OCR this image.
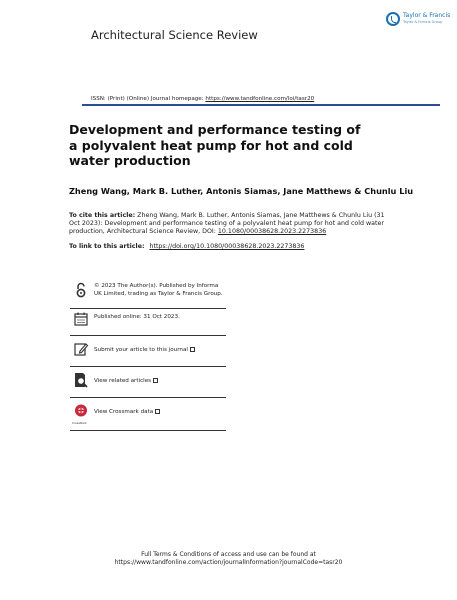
Architectural Science Review
Taylor & Francis
Taylor & Francis Group
ISSN: (Print) (Online) Journal homepage: https://www.tandfonline.com/loi/tasr20
Development and performance testing of a polyvalent heat pump for hot and cold water production
Zheng Wang, Mark B. Luther, Antonis Siamas, Jane Matthews & Chunlu Liu
To cite this article: Zheng Wang, Mark B. Luther, Antonis Siamas, Jane Matthews & Chunlu Liu (31 Oct 2023): Development and performance testing of a polyvalent heat pump for hot and cold water production, Architectural Science Review, DOI: 10.1080/00038628.2023.2273836
To link to this article: https://doi.org/10.1080/00038628.2023.2273836
© 2023 The Author(s). Published by Informa UK Limited, trading as Taylor & Francis Group.
Published online: 31 Oct 2023.
Submit your article to this journal
View related articles
CrossMark
View Crossmark data
Full Terms & Conditions of access and use can be found at
https://www.tandfonline.com/action/journalInformation?journalCode=tasr20
